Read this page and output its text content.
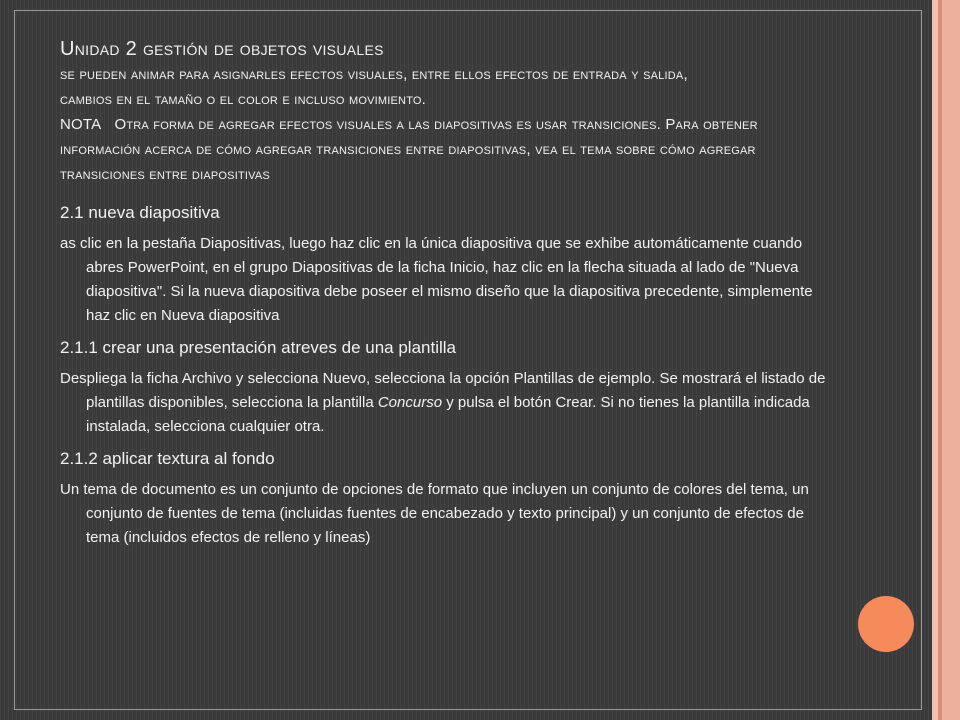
Unidad 2 gestión de objetos visuales
se pueden animar para asignarles efectos visuales, entre ellos efectos de entrada y salida,
cambios en el tamaño o el color e incluso movimiento.
NOTA Otra forma de agregar efectos visuales a las diapositivas es usar transiciones. Para obtener información acerca de cómo agregar transiciones entre diapositivas, vea el tema sobre cómo agregar transiciones entre diapositivas
2.1 nueva diapositiva

as clic en la pestaña Diapositivas, luego haz clic en la única diapositiva que se exhibe automáticamente cuando abres PowerPoint, en el grupo Diapositivas de la ficha Inicio, haz clic en la flecha situada al lado de "Nueva diapositiva". Si la nueva diapositiva debe poseer el mismo diseño que la diapositiva precedente, simplemente haz clic en Nueva diapositiva

2.1.1 crear una presentación atreves de una plantilla

Despliega la ficha Archivo y selecciona Nuevo, selecciona la opción Plantillas de ejemplo. Se mostrará el listado de plantillas disponibles, selecciona la plantilla Concurso y pulsa el botón Crear. Si no tienes la plantilla indicada instalada, selecciona cualquier otra.

2.1.2 aplicar textura al fondo

Un tema de documento es un conjunto de opciones de formato que incluyen un conjunto de colores del tema, un conjunto de fuentes de tema (incluidas fuentes de encabezado y texto principal) y un conjunto de efectos de tema (incluidos efectos de relleno y líneas)
